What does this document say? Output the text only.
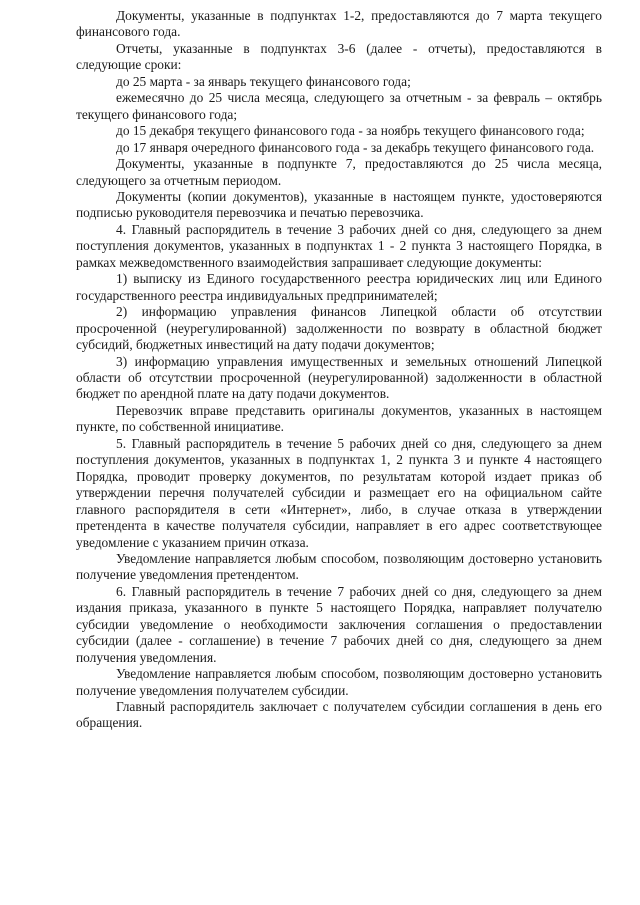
Документы, указанные в подпунктах 1-2, предоставляются до 7 марта текущего финансового года.

Отчеты, указанные в подпунктах 3-6 (далее - отчеты), предоставляются в следующие сроки:

до 25 марта - за январь текущего финансового года;

ежемесячно до 25 числа месяца, следующего за отчетным - за февраль – октябрь текущего финансового года;

до 15 декабря текущего финансового года - за ноябрь текущего финансового года;

до 17 января очередного финансового года - за декабрь текущего финансового года.

Документы, указанные в подпункте 7, предоставляются до 25 числа месяца, следующего за отчетным периодом.

Документы (копии документов), указанные в настоящем пункте, удостоверяются подписью руководителя перевозчика и печатью перевозчика.

4. Главный распорядитель в течение 3 рабочих дней со дня, следующего за днем поступления документов, указанных в подпунктах 1 - 2 пункта 3 настоящего Порядка, в рамках межведомственного взаимодействия запрашивает следующие документы:

1) выписку из Единого государственного реестра юридических лиц или Единого государственного реестра индивидуальных предпринимателей;

2) информацию управления финансов Липецкой области об отсутствии просроченной (неурегулированной) задолженности по возврату в областной бюджет субсидий, бюджетных инвестиций на дату подачи документов;

3) информацию управления имущественных и земельных отношений Липецкой области об отсутствии просроченной (неурегулированной) задолженности в областной бюджет по арендной плате на дату подачи документов.

Перевозчик вправе представить оригиналы документов, указанных в настоящем пункте, по собственной инициативе.

5. Главный распорядитель в течение 5 рабочих дней со дня, следующего за днем поступления документов, указанных в подпунктах 1, 2 пункта 3 и пункте 4 настоящего Порядка, проводит проверку документов, по результатам которой издает приказ об утверждении перечня получателей субсидии и размещает его на официальном сайте главного распорядителя в сети «Интернет», либо, в случае отказа в утверждении претендента в качестве получателя субсидии, направляет в его адрес соответствующее уведомление с указанием причин отказа.

Уведомление направляется любым способом, позволяющим достоверно установить получение уведомления претендентом.

6. Главный распорядитель в течение 7 рабочих дней со дня, следующего за днем издания приказа, указанного в пункте 5 настоящего Порядка, направляет получателю субсидии уведомление о необходимости заключения соглашения о предоставлении субсидии (далее - соглашение) в течение 7 рабочих дней со дня, следующего за днем получения уведомления.

Уведомление направляется любым способом, позволяющим достоверно установить получение уведомления получателем субсидии.

Главный распорядитель заключает с получателем субсидии соглашения в день его обращения.
